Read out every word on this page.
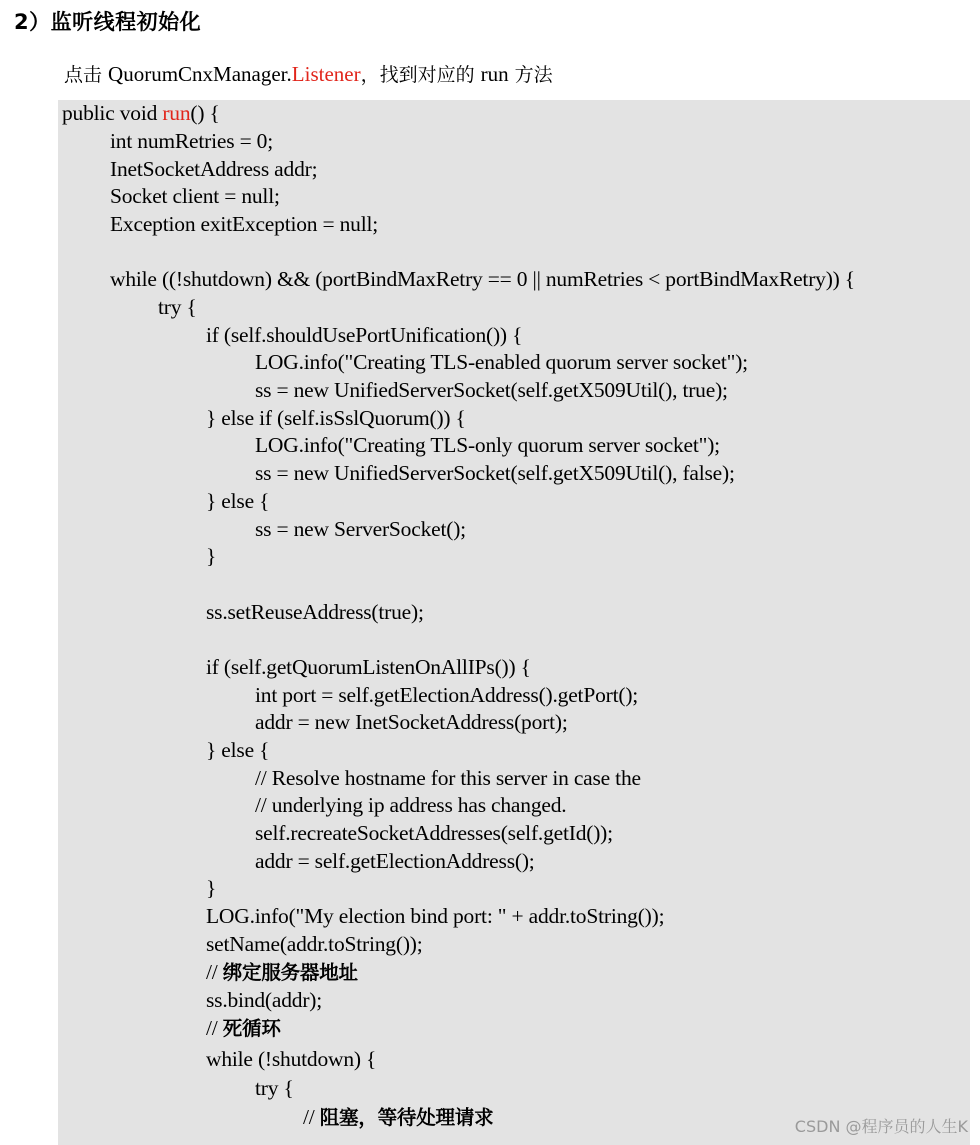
2）监听线程初始化
点击 QuorumCnxManager.Listener，找到对应的 run 方法
public void run() {
int numRetries = 0;
InetSocketAddress addr;
Socket client = null;
Exception exitException = null;
while ((!shutdown) && (portBindMaxRetry == 0 || numRetries < portBindMaxRetry)) {
try {
if (self.shouldUsePortUnification()) {
LOG.info("Creating TLS-enabled quorum server socket");
ss = new UnifiedServerSocket(self.getX509Util(), true);
} else if (self.isSslQuorum()) {
LOG.info("Creating TLS-only quorum server socket");
ss = new UnifiedServerSocket(self.getX509Util(), false);
} else {
ss = new ServerSocket();
}
ss.setReuseAddress(true);
if (self.getQuorumListenOnAllIPs()) {
int port = self.getElectionAddress().getPort();
addr = new InetSocketAddress(port);
} else {
// Resolve hostname for this server in case the
// underlying ip address has changed.
self.recreateSocketAddresses(self.getId());
addr = self.getElectionAddress();
}
LOG.info("My election bind port: " + addr.toString());
setName(addr.toString());
// 绑定服务器地址
ss.bind(addr);
// 死循环
while (!shutdown) {
try {
// 阻塞，等待处理请求	CSDN @程序员的人生K
